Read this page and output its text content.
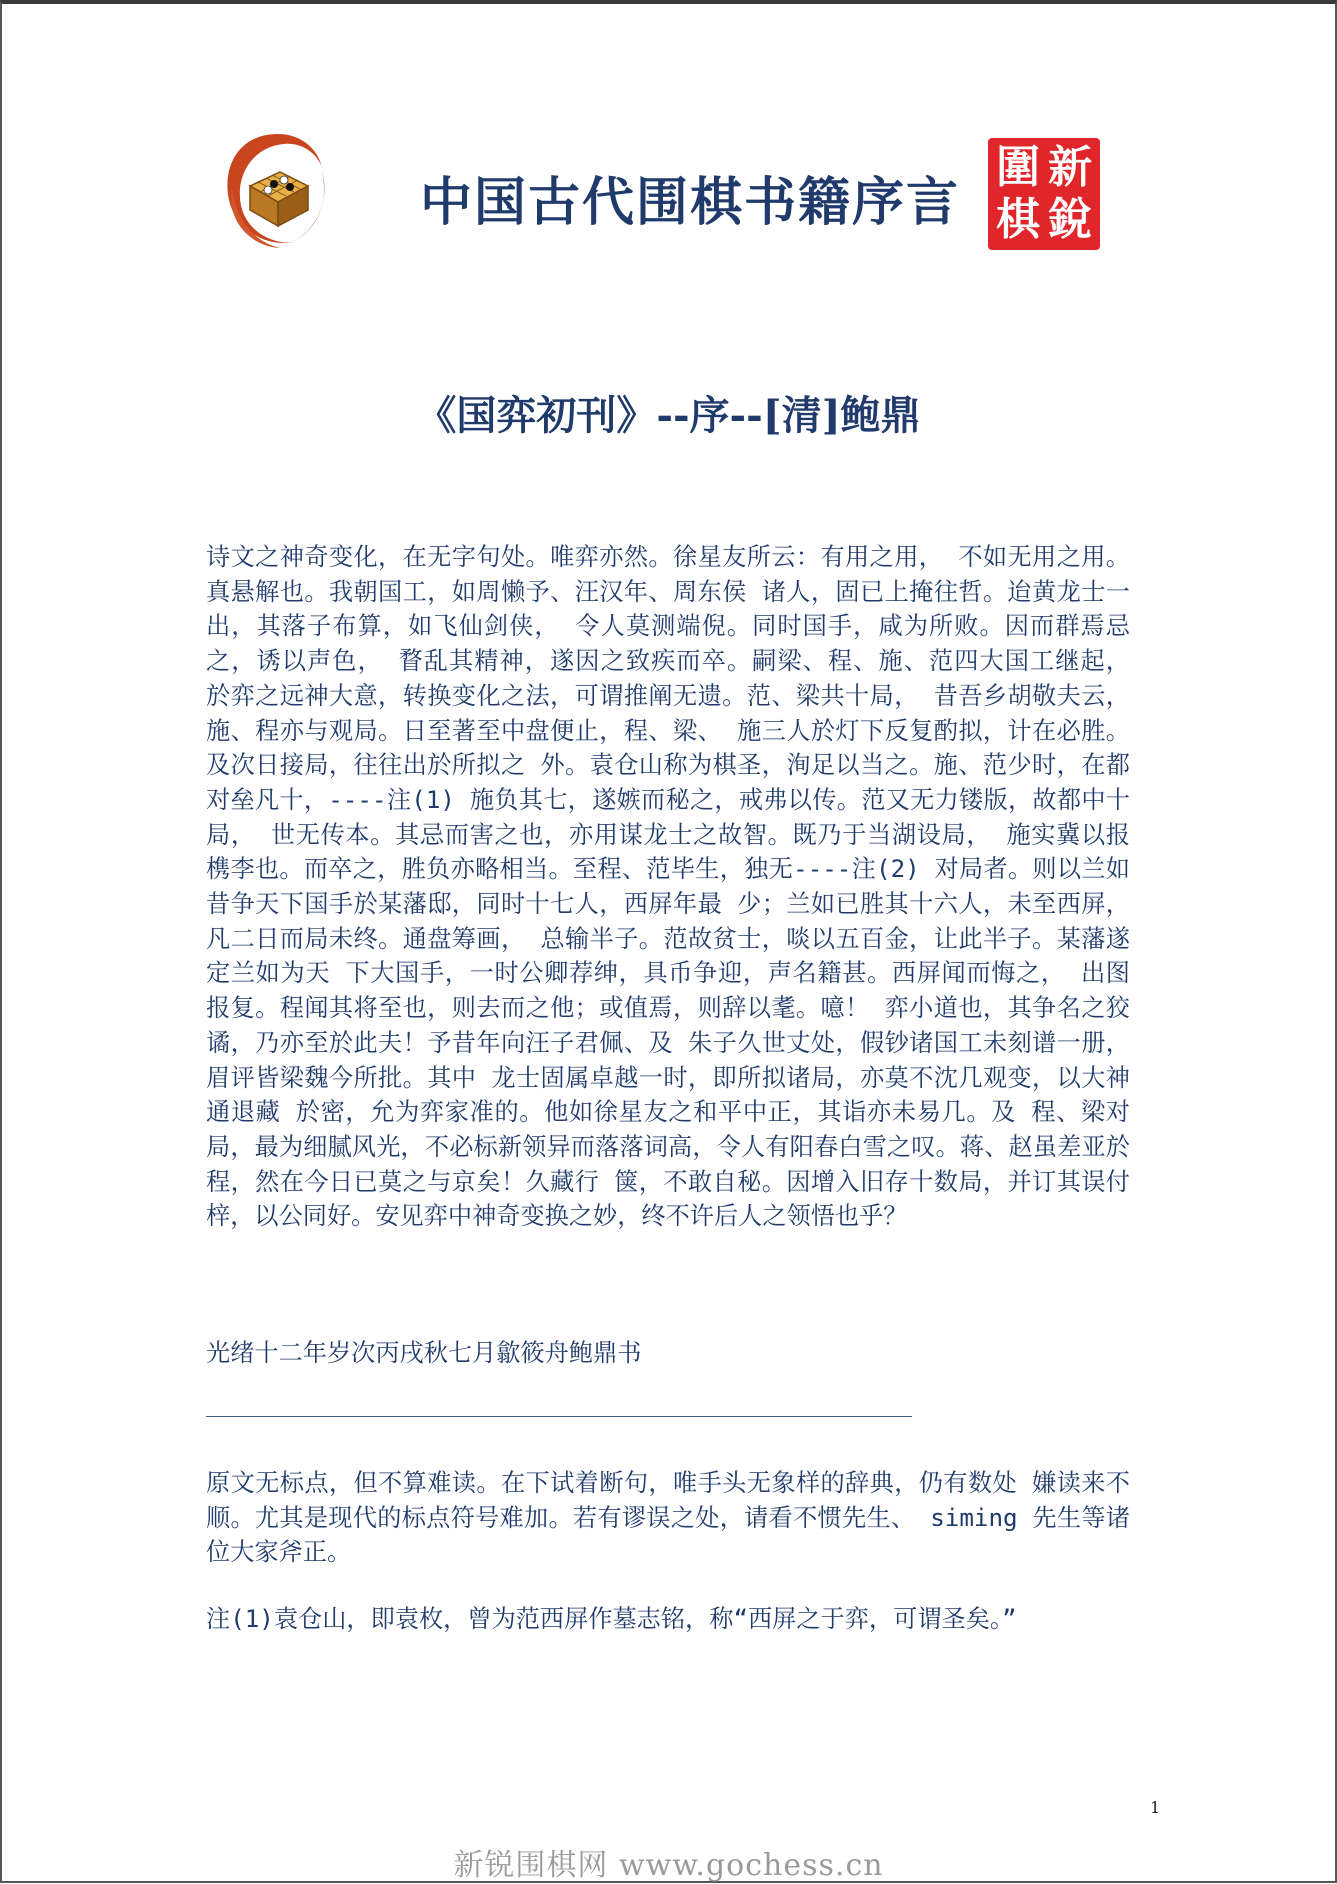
中国古代围棋书籍序言
圍 新
棋 銳
《国弈初刊》--序--[清]鲍鼎

诗文之神奇变化，在无字句处。唯弈亦然。徐星友所云：有用之用， 不如无用之用。真悬解也。我朝国工，如周懒予、汪汉年、周东侯 诸人，固已上掩往哲。迨黄龙士一出，其落子布算，如飞仙剑侠， 令人莫测端倪。同时国手，咸为所败。因而群焉忌之，诱以声色， 瞀乱其精神，遂因之致疾而卒。嗣梁、程、施、范四大国工继起， 於弈之远神大意，转换变化之法，可谓推阐无遗。范、梁共十局， 昔吾乡胡敬夫云，施、程亦与观局。日至著至中盘便止，程、梁、 施三人於灯下反复酌拟，计在必胜。及次日接局，往往出於所拟之 外。袁仓山称为棋圣，洵足以当之。施、范少时，在都对垒凡十，----注(1) 施负其七，遂嫉而秘之，戒弗以传。范又无力镂版，故都中十局， 世无传本。其忌而害之也，亦用谋龙士之故智。既乃于当湖设局， 施实冀以报槜李也。而卒之，胜负亦略相当。至程、范毕生，独无----注(2) 对局者。则以兰如昔争天下国手於某藩邸，同时十七人，西屏年最 少；兰如已胜其十六人，未至西屏，凡二日而局未终。通盘筹画， 总输半子。范故贫士，啖以五百金，让此半子。某藩遂定兰如为天 下大国手，一时公卿荐绅，具币争迎，声名籍甚。西屏闻而悔之， 出图报复。程闻其将至也，则去而之他；或值焉，则辞以耄。噫！ 弈小道也，其争名之狡谲，乃亦至於此夫！予昔年向汪子君佩、及 朱子久世丈处，假钞诸国工未刻谱一册，眉评皆梁魏今所批。其中 龙士固属卓越一时，即所拟诸局，亦莫不沈几观变，以大神通退藏 於密，允为弈家准的。他如徐星友之和平中正，其诣亦未易几。及 程、梁对局，最为细腻风光，不必标新领异而落落词高，令人有阳春白雪之叹。蒋、赵虽差亚於程，然在今日已莫之与京矣！久藏行 箧，不敢自秘。因增入旧存十数局，并订其误付梓，以公同好。安见弈中神奇变换之妙，终不许后人之领悟也乎？

光绪十二年岁次丙戌秋七月歙筱舟鲍鼎书

原文无标点，但不算难读。在下试着断句，唯手头无象样的辞典，仍有数处 嫌读来不顺。尤其是现代的标点符号难加。若有谬误之处，请看不惯先生、 siming 先生等诸位大家斧正。

注(1)袁仓山，即袁枚，曾为范西屏作墓志铭，称“西屏之于弈，可谓圣矣。”

1
新锐围棋网 www.gochess.cn
